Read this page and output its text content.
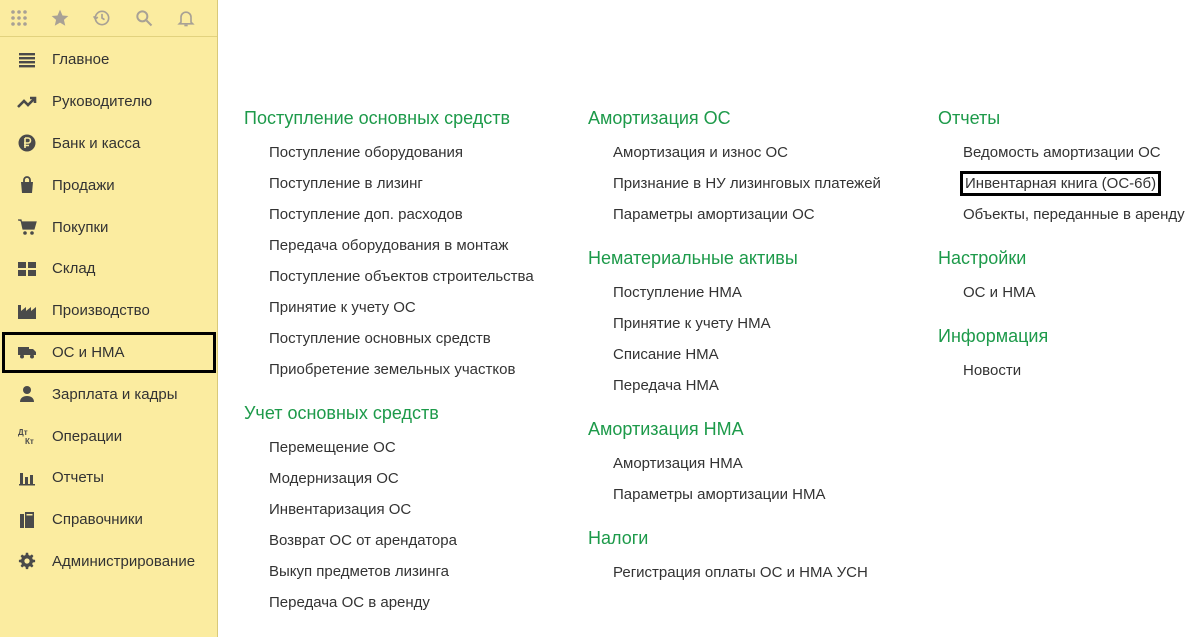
Главное
Руководителю
Банк и касса
Продажи
Покупки
Склад
Производство
ОС и НМА
Зарплата и кадры
Дт
Кт Операции
Отчеты
Справочники
Администрирование
Поступление основных средств
Поступление оборудования
Поступление в лизинг
Поступление доп. расходов
Передача оборудования в монтаж
Поступление объектов строительства
Принятие к учету ОС
Поступление основных средств
Приобретение земельных участков
Учет основных средств
Перемещение ОС
Модернизация ОС
Инвентаризация ОС
Возврат ОС от арендатора
Выкуп предметов лизинга
Передача ОС в аренду
Амортизация ОС
Амортизация и износ ОС
Признание в НУ лизинговых платежей
Параметры амортизации ОС
Нематериальные активы
Поступление НМА
Принятие к учету НМА
Списание НМА
Передача НМА
Амортизация НМА
Амортизация НМА
Параметры амортизации НМА
Налоги
Регистрация оплаты ОС и НМА УСН
Отчеты
Ведомость амортизации ОС
Инвентарная книга (ОС-6б)
Объекты, переданные в аренду
Настройки
ОС и НМА
Информация
Новости
